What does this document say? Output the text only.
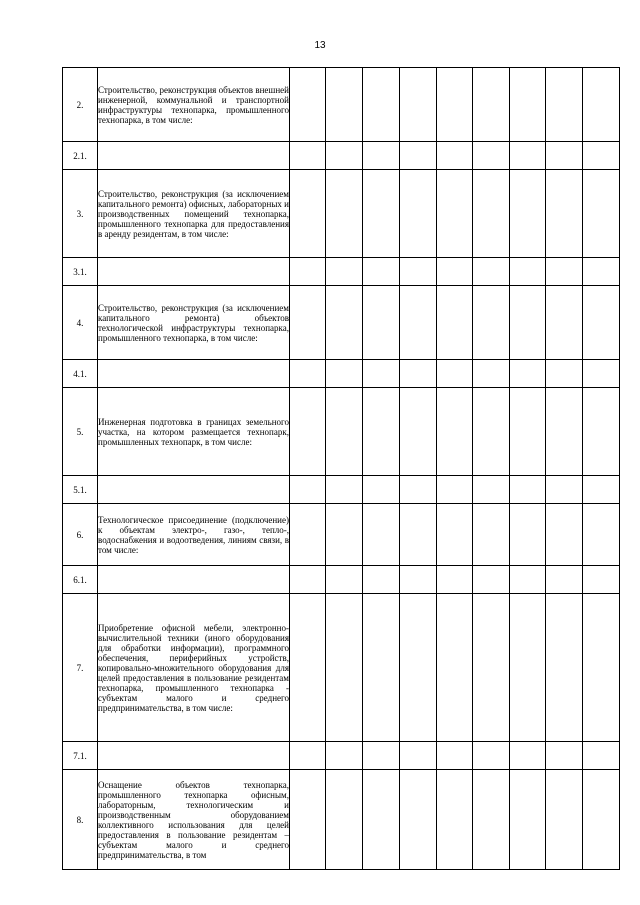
13
2.	Строительство, реконструкция объектов внешней инженерной, коммунальной и транспортной инфраструктуры технопарка, промышленного технопарка, в том числе:									
2.1.										
3.	Строительство, реконструкция (за исключением капитального ремонта) офисных, лабораторных и производственных помещений технопарка, промышленного технопарка для предоставления в аренду резидентам, в том числе:									
3.1.										
4.	Строительство, реконструкция (за исключением капитального ремонта) объектов технологической инфраструктуры технопарка, промышленного технопарка, в том числе:									
4.1.										
5.	Инженерная подготовка в границах земельного участка, на котором размещается технопарк, промышленных технопарк, в том числе:									
5.1.										
6.	Технологическое присоединение (подключение) к объектам электро-, газо-, тепло-, водоснабжения и водоотведения, линиям связи, в том числе:									
6.1.										
7.	Приобретение офисной мебели, электронно-вычислительной техники (иного оборудования для обработки информации), программного обеспечения, периферийных устройств, копировально-множительного оборудования для целей предоставления в пользование резидентам технопарка, промышленного технопарка - субъектам малого и среднего предпринимательства, в том числе:									
7.1.										
8.	Оснащение объектов технопарка, промышленного технопарка офисным, лабораторным, технологическим и производственным оборудованием коллективного использования для целей предоставления в пользование резидентам – субъектам малого и среднего предпринимательства, в том									
